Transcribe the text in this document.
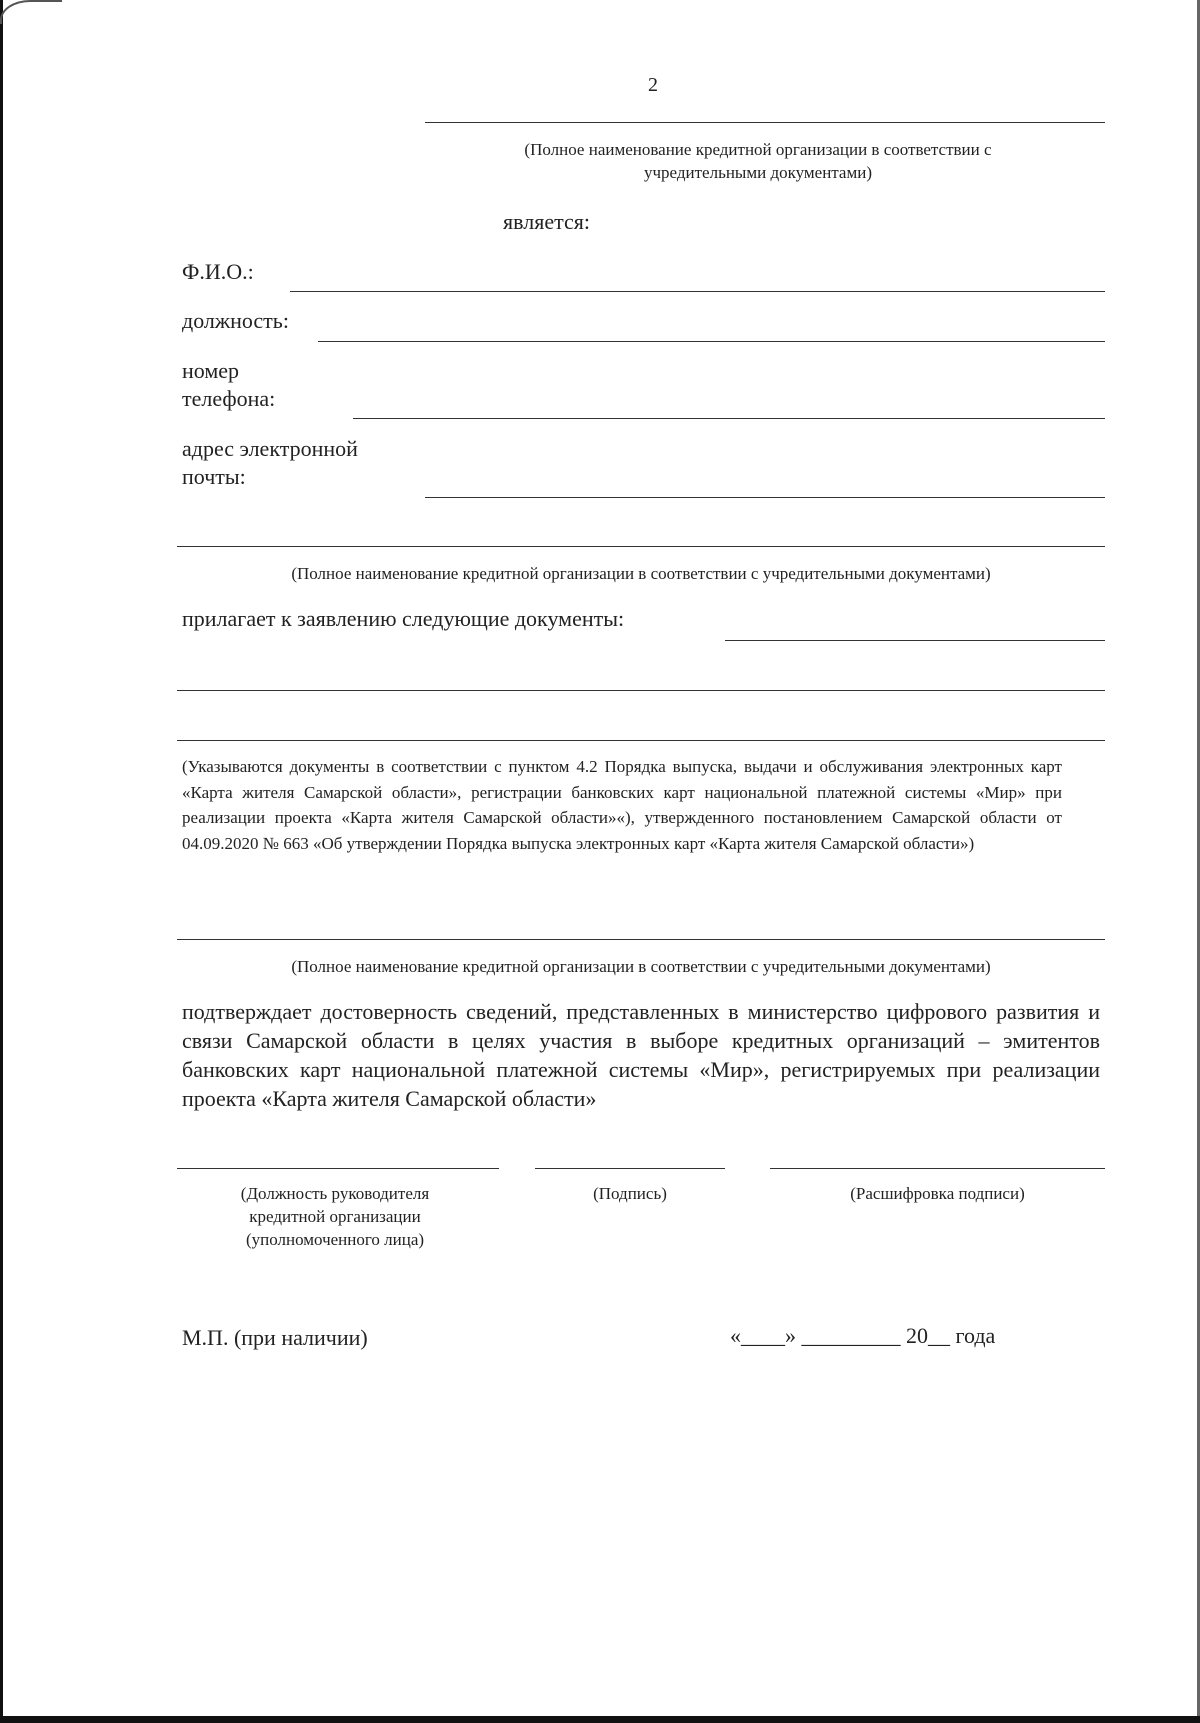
2
(Полное наименование кредитной организации в соответствии с учредительными документами)
является:
Ф.И.О.:
должность:
номер
телефона:
адрес электронной
почты:
(Полное наименование кредитной организации в соответствии с учредительными документами)
прилагает к заявлению следующие документы:
(Указываются документы в соответствии с пунктом 4.2 Порядка выпуска, выдачи и обслуживания электронных карт «Карта жителя Самарской области», регистрации банковских карт национальной платежной системы «Мир» при реализации проекта «Карта жителя Самарской области»«), утвержденного постановлением Самарской области от 04.09.2020 № 663 «Об утверждении Порядка выпуска электронных карт «Карта жителя Самарской области»)
(Полное наименование кредитной организации в соответствии с учредительными документами)
подтверждает достоверность сведений, представленных в министерство цифрового развития и связи Самарской области в целях участия в выборе кредитных организаций – эмитентов банковских карт национальной платежной системы «Мир», регистрируемых при реализации проекта «Карта жителя Самарской области»
(Должность руководителя кредитной организации (уполномоченного лица)
(Подпись)	(Расшифровка подписи)
М.П. (при наличии)	«____» _________ 20__ года
